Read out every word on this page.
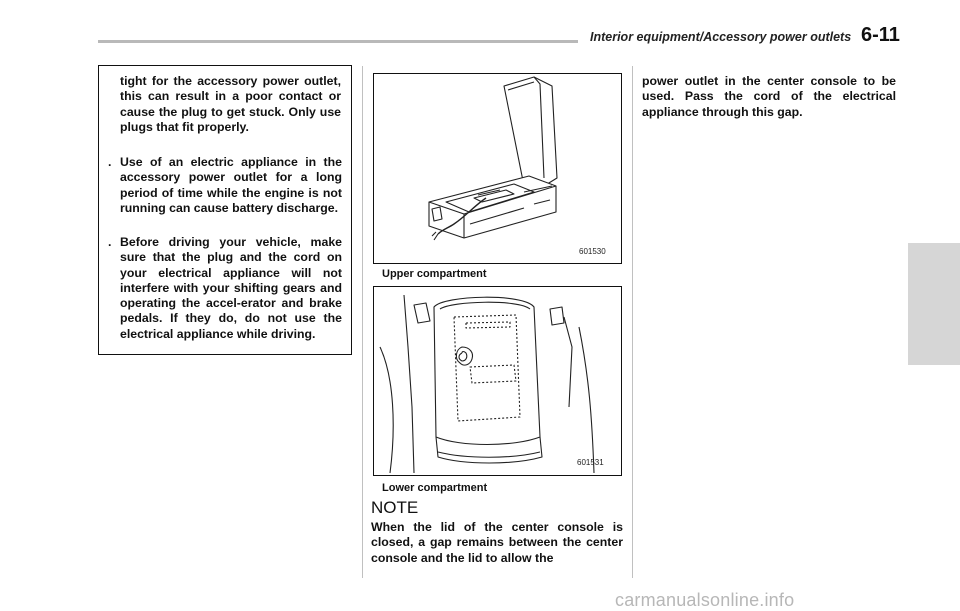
Interior equipment/Accessory power outlets 6-11
tight for the accessory power outlet, this can result in a poor contact or cause the plug to get stuck. Only use plugs that fit properly.
. Use of an electric appliance in the accessory power outlet for a long period of time while the engine is not running can cause battery discharge.
. Before driving your vehicle, make sure that the plug and the cord on your electrical appliance will not interfere with your shifting gears and operating the accel-erator and brake pedals. If they do, do not use the electrical appliance while driving.
601530
Upper compartment
601531
Lower compartment
NOTE
When the lid of the center console is closed, a gap remains between the center console and the lid to allow the
power outlet in the center console to be used. Pass the cord of the electrical appliance through this gap.
carmanualsonline.info
